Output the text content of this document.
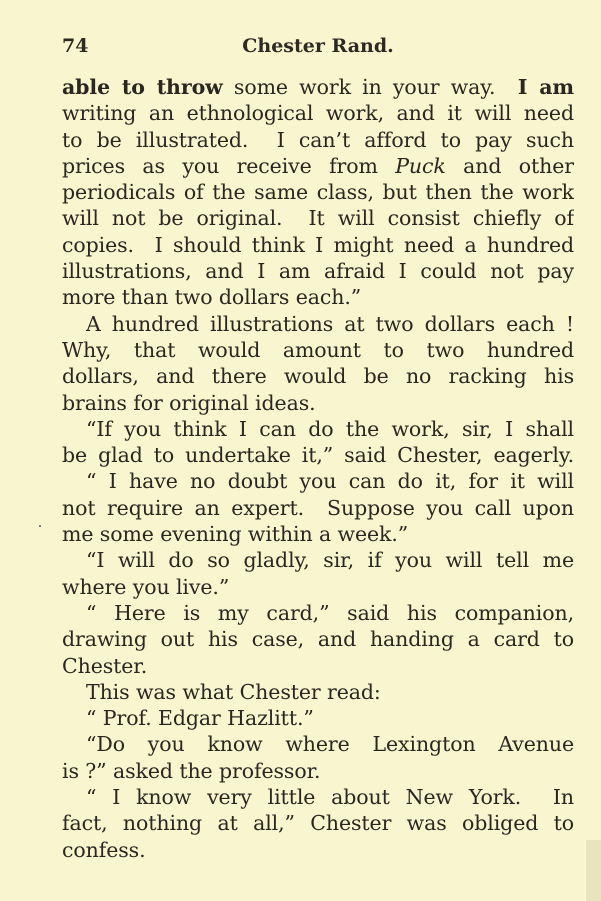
74	Chester Rand.
able to throw some work in your way.  I am
writing an ethnological work, and it will need
to be illustrated.  I can’t afford to pay such
prices as you receive from Puck and other
periodicals of the same class, but then the work
will not be original.  It will consist chiefly of
copies.  I should think I might need a hundred
illustrations, and I am afraid I could not pay
more than two dollars each.”
A hundred illustrations at two dollars each !
Why, that would amount to two hundred
dollars, and there would be no racking his
brains for original ideas.
“If you think I can do the work, sir, I shall
be glad to undertake it,” said Chester, eagerly.
“ I have no doubt you can do it, for it will
not require an expert.  Suppose you call upon
me some evening within a week.”
“I will do so gladly, sir, if you will tell me
where you live.”
“ Here is my card,” said his companion,
drawing out his case, and handing a card to
Chester.
This was what Chester read:
“ Prof. Edgar Hazlitt.”
“Do you know where Lexington Avenue
is ?” asked the professor.
“ I know very little about New York.  In
fact, nothing at all,” Chester was obliged to
confess.
